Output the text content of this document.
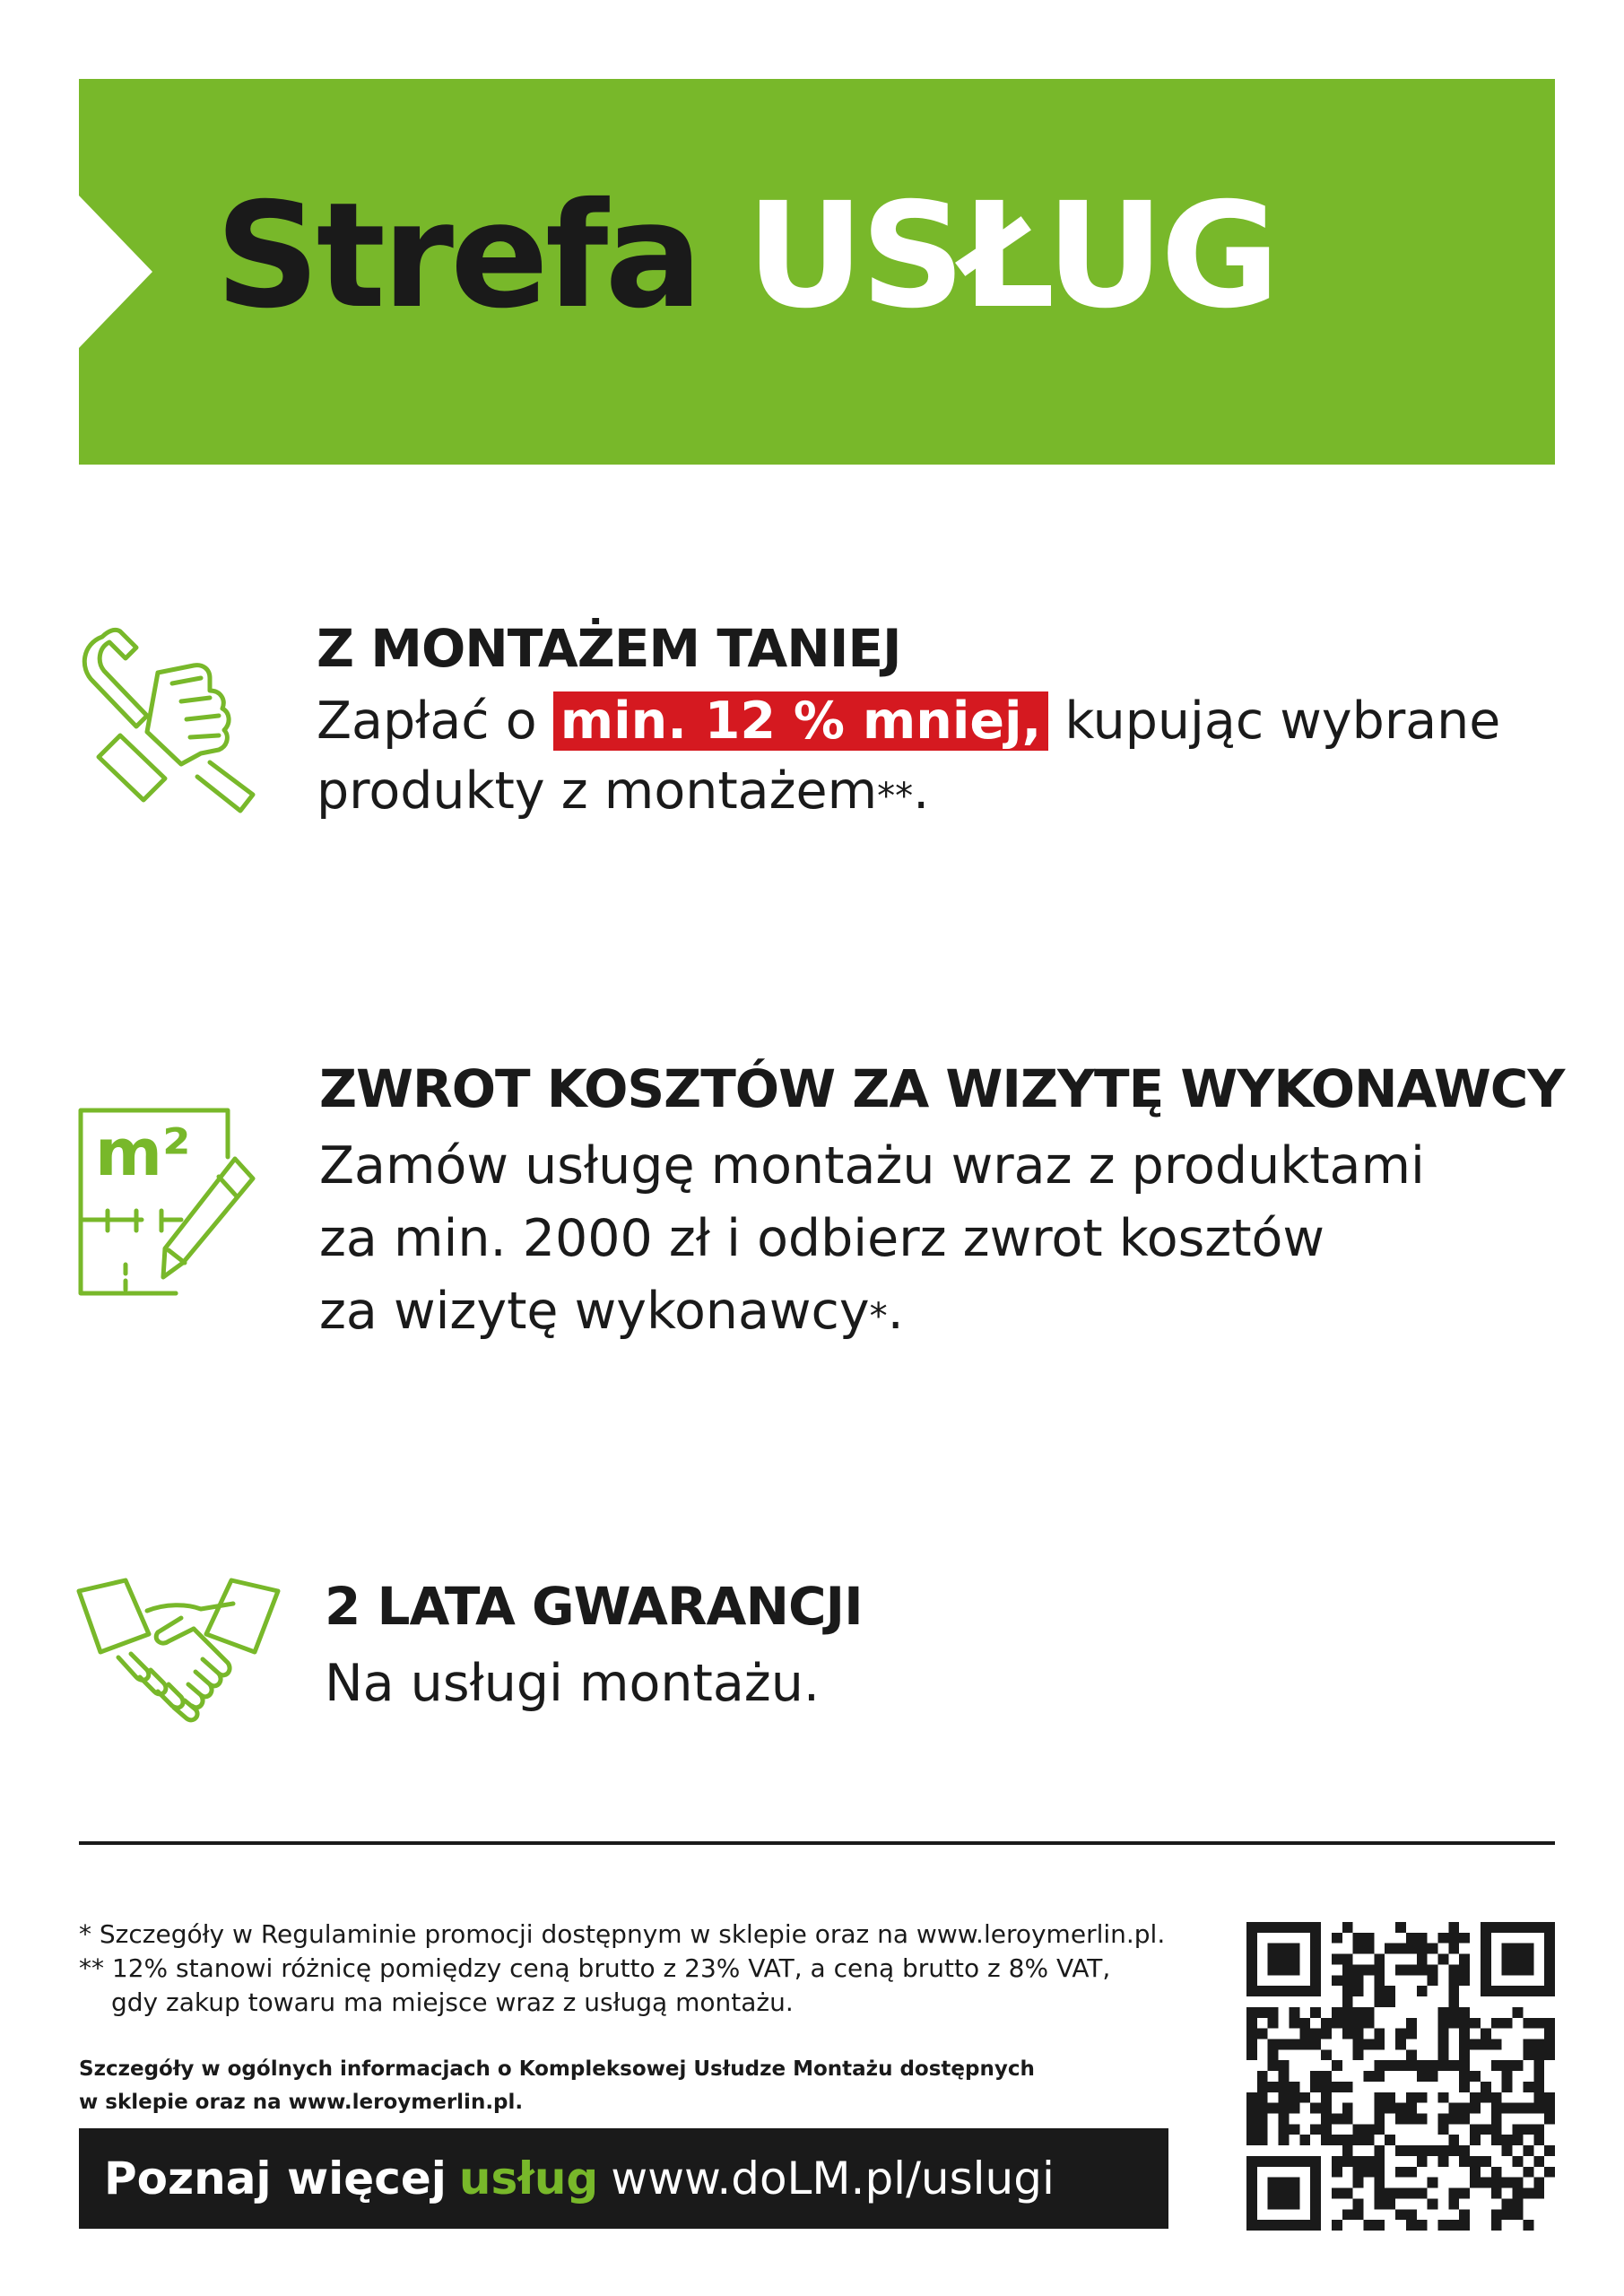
Strefa USŁUG

Z MONTAŻEM TANIEJ

Zapłać o min. 12 % mniej, kupując wybrane

produkty z montażem**.

m²

ZWROT KOSZTÓW ZA WIZYTĘ WYKONAWCY

Zamów usługę montażu wraz z produktami

za min. 2000 zł i odbierz zwrot kosztów

za wizytę wykonawcy*.

2 LATA GWARANCJI

Na usługi montażu.

* Szczegóły w Regulaminie promocji dostępnym w sklepie oraz na www.leroymerlin.pl.

** 12% stanowi różnicę pomiędzy ceną brutto z 23% VAT, a ceną brutto z 8% VAT,

gdy zakup towaru ma miejsce wraz z usługą montażu.

Szczegóły w ogólnych informacjach o Kompleksowej Usłudze Montażu dostępnych

w sklepie oraz na www.leroymerlin.pl.

Poznaj więcej usług www.doLM.pl/uslugi
